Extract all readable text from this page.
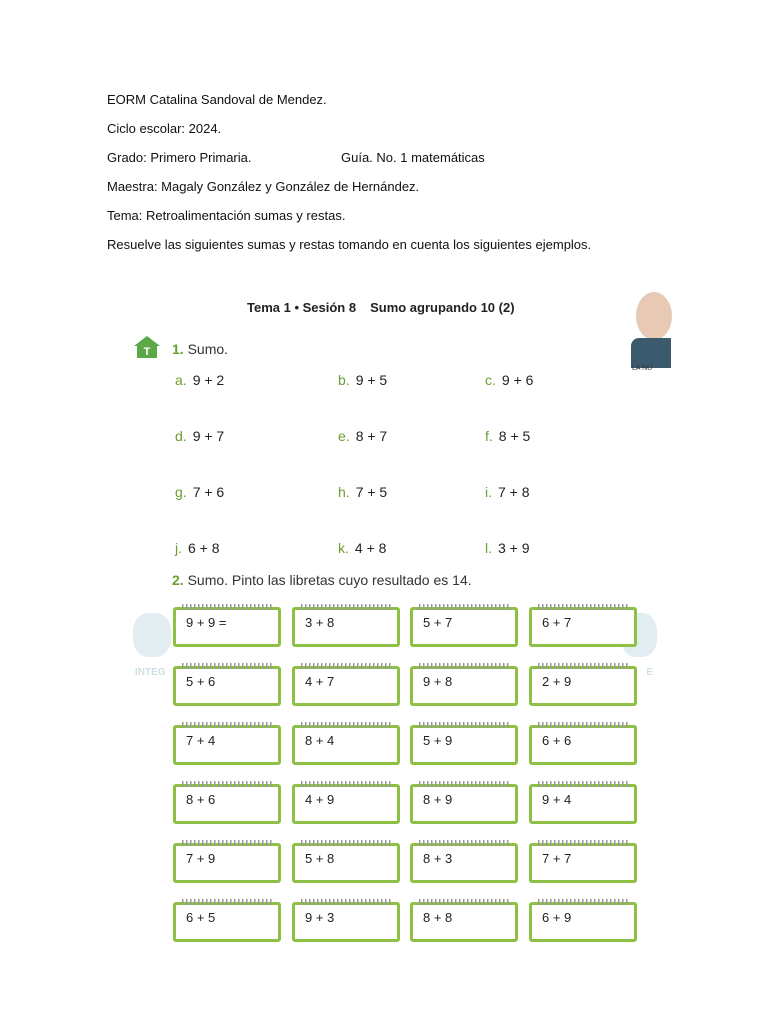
EORM Catalina Sandoval de Mendez.
Ciclo escolar: 2024.
Grado: Primero Primaria.	Guía. No. 1 matemáticas
Maestra: Magaly González y González de Hernández.
Tema: Retroalimentación sumas y restas.
Resuelve las siguientes sumas y restas tomando en cuenta los siguientes ejemplos.
Tema 1 • Sesión 8 Sumo agrupando 10 (2)
LA NU
T 1. Sumo.
a. 9 + 2	b. 9 + 5	c. 9 + 6
d. 9 + 7	e. 8 + 7	f. 8 + 5
g. 7 + 6	h. 7 + 5	i. 7 + 8
j. 6 + 8	k. 4 + 8	l. 3 + 9
INTEG	E
2. Sumo. Pinto las libretas cuyo resultado es 14.
9 + 9 =	3 + 8	5 + 7	6 + 7
5 + 6	4 + 7	9 + 8	2 + 9
7 + 4	8 + 4	5 + 9	6 + 6
8 + 6	4 + 9	8 + 9	9 + 4
7 + 9	5 + 8	8 + 3	7 + 7
6 + 5	9 + 3	8 + 8	6 + 9
